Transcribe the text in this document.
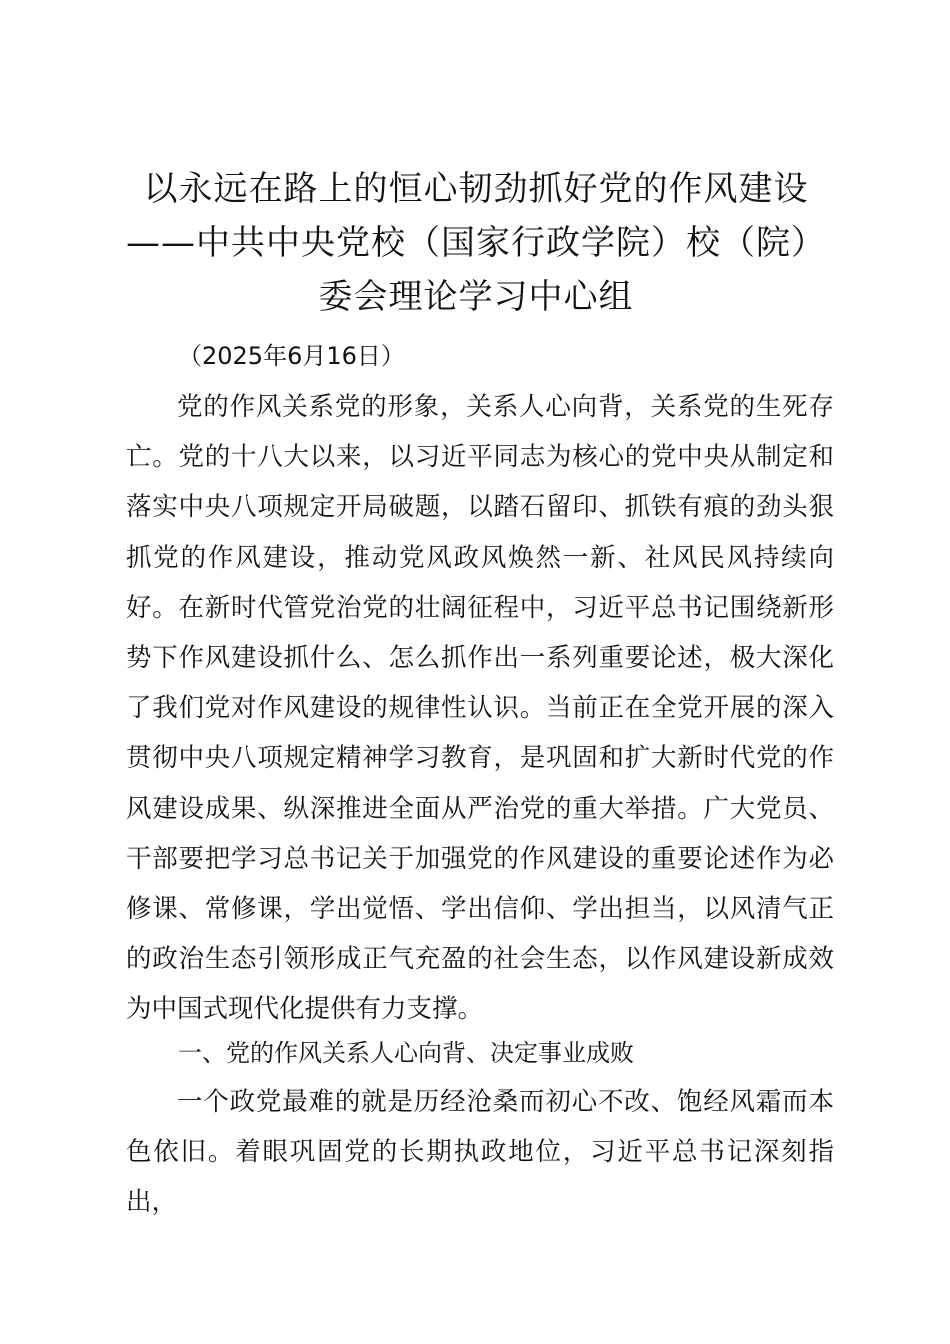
以永远在路上的恒心韧劲抓好党的作风建设——中共中央党校（国家行政学院）校（院）委会理论学习中心组

（2025年6月16日）

党的作风关系党的形象，关系人心向背，关系党的生死存亡。党的十八大以来，以习近平同志为核心的党中央从制定和落实中央八项规定开局破题，以踏石留印、抓铁有痕的劲头狠抓党的作风建设，推动党风政风焕然一新、社风民风持续向好。在新时代管党治党的壮阔征程中，习近平总书记围绕新形势下作风建设抓什么、怎么抓作出一系列重要论述，极大深化了我们党对作风建设的规律性认识。当前正在全党开展的深入贯彻中央八项规定精神学习教育，是巩固和扩大新时代党的作风建设成果、纵深推进全面从严治党的重大举措。广大党员、干部要把学习总书记关于加强党的作风建设的重要论述作为必修课、常修课，学出觉悟、学出信仰、学出担当，以风清气正的政治生态引领形成正气充盈的社会生态，以作风建设新成效为中国式现代化提供有力支撑。

一、党的作风关系人心向背、决定事业成败

一个政党最难的就是历经沧桑而初心不改、饱经风霜而本色依旧。着眼巩固党的长期执政地位，习近平总书记深刻指出，
